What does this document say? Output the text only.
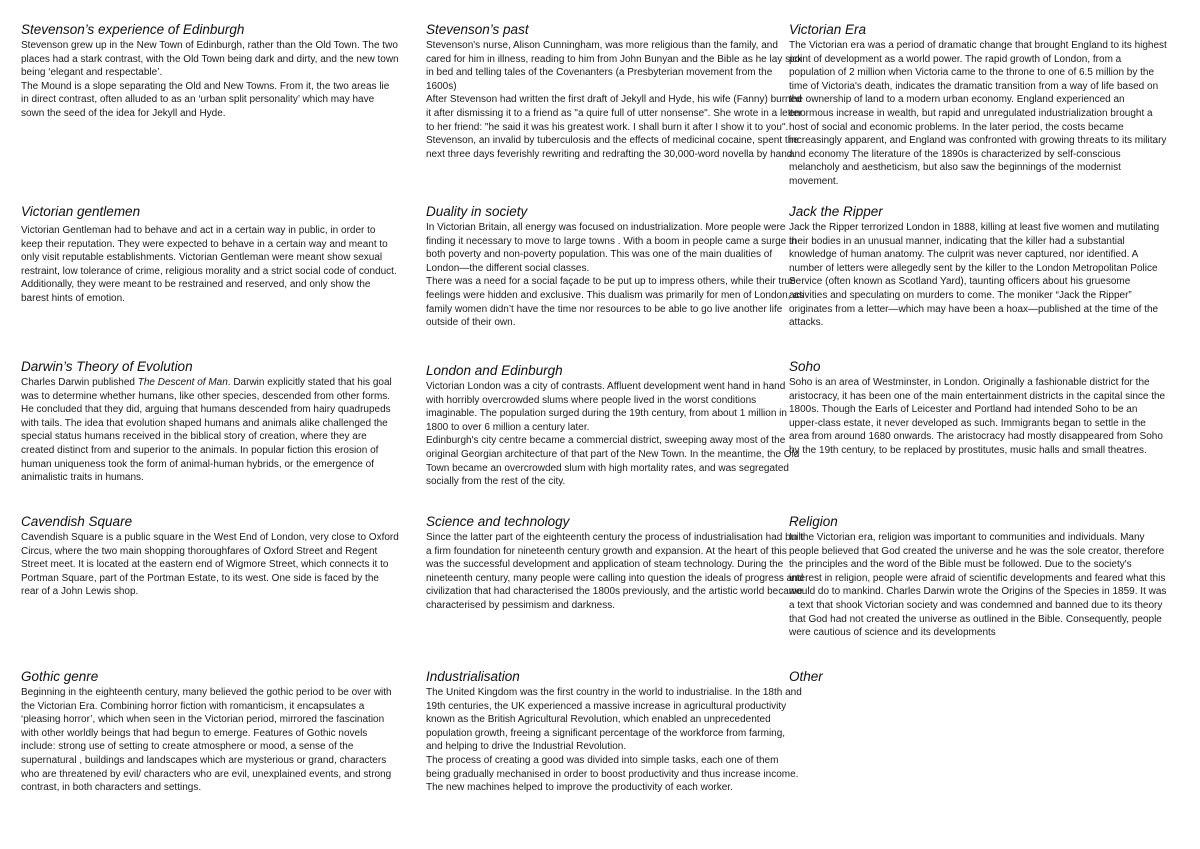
Stevenson’s experience of Edinburgh

Stevenson grew up in the New Town of Edinburgh, rather than the Old Town. The two places had a stark contrast, with the Old Town being dark and dirty, and the new town being ‘elegant and respectable’.

The Mound is a slope separating the Old and New Towns. From it, the two areas lie in direct contrast, often alluded to as an ‘urban split personality’ which may have sown the seed of the idea for Jekyll and Hyde.

Stevenson’s past

Stevenson's nurse, Alison Cunningham, was more religious than the family, and cared for him in illness, reading to him from John Bunyan and the Bible as he lay sick in bed and telling tales of the Covenanters (a Presbyterian movement from the 1600s)

After Stevenson had written the first draft of Jekyll and Hyde, his wife (Fanny) burned it after dismissing it to a friend as "a quire full of utter nonsense". She wrote in a letter to her friend: "he said it was his greatest work. I shall burn it after I show it to you". Stevenson, an invalid by tuberculosis and the effects of medicinal cocaine, spent the next three days feverishly rewriting and redrafting the 30,000-word novella by hand.

Victorian Era

The Victorian era was a period of dramatic change that brought England to its highest point of development as a world power. The rapid growth of London, from a population of 2 million when Victoria came to the throne to one of 6.5 million by the time of Victoria's death, indicates the dramatic transition from a way of life based on the ownership of land to a modern urban economy. England experienced an enormous increase in wealth, but rapid and unregulated industrialization brought a host of social and economic problems. In the later period, the costs became increasingly apparent, and England was confronted with growing threats to its military and economy The literature of the 1890s is characterized by self-conscious melancholy and aestheticism, but also saw the beginnings of the modernist movement.

Victorian gentlemen

Victorian Gentleman had to behave and act in a certain way in public, in order to keep their reputation. They were expected to behave in a certain way and meant to only visit reputable establishments. Victorian Gentleman were meant show sexual restraint, low tolerance of crime, religious morality and a strict social code of conduct. Additionally, they were meant to be restrained and reserved, and only show the barest hints of emotion.

Duality in society

In Victorian Britain, all energy was focused on industrialization. More people were finding it necessary to move to large towns . With a boom in people came a surge in both poverty and non-poverty population. This was one of the main dualities of London—the different social classes.

There was a need for a social façade to be put up to impress others, while their true feelings were hidden and exclusive. This dualism was primarily for men of London, as family women didn’t have the time nor resources to be able to go live another life outside of their own.

Jack the Ripper

Jack the Ripper terrorized London in 1888, killing at least five women and mutilating their bodies in an unusual manner, indicating that the killer had a substantial knowledge of human anatomy. The culprit was never captured, nor identified. A number of letters were allegedly sent by the killer to the London Metropolitan Police Service (often known as Scotland Yard), taunting officers about his gruesome activities and speculating on murders to come. The moniker “Jack the Ripper” originates from a letter—which may have been a hoax—published at the time of the attacks.

Darwin’s Theory of Evolution

Charles Darwin published The Descent of Man. Darwin explicitly stated that his goal was to determine whether humans, like other species, descended from other forms. He concluded that they did, arguing that humans descended from hairy quadrupeds with tails. The idea that evolution shaped humans and animals alike challenged the special status humans received in the biblical story of creation, where they are created distinct from and superior to the animals. In popular fiction this erosion of human uniqueness took the form of animal-human hybrids, or the emergence of animalistic traits in humans.

London and Edinburgh

Victorian London was a city of contrasts. Affluent development went hand in hand with horribly overcrowded slums where people lived in the worst conditions imaginable. The population surged during the 19th century, from about 1 million in 1800 to over 6 million a century later.

Edinburgh's city centre became a commercial district, sweeping away most of the original Georgian architecture of that part of the New Town. In the meantime, the Old Town became an overcrowded slum with high mortality rates, and was segregated socially from the rest of the city.

Soho

Soho is an area of Westminster, in London. Originally a fashionable district for the aristocracy, it has been one of the main entertainment districts in the capital since the 1800s. Though the Earls of Leicester and Portland had intended Soho to be an upper-class estate, it never developed as such. Immigrants began to settle in the area from around 1680 onwards. The aristocracy had mostly disappeared from Soho by the 19th century, to be replaced by prostitutes, music halls and small theatres.

Cavendish Square

Cavendish Square is a public square in the West End of London, very close to Oxford Circus, where the two main shopping thoroughfares of Oxford Street and Regent Street meet. It is located at the eastern end of Wigmore Street, which connects it to Portman Square, part of the Portman Estate, to its west. One side is faced by the rear of a John Lewis shop.

Science and technology

Since the latter part of the eighteenth century the process of industrialisation had built a firm foundation for nineteenth century growth and expansion. At the heart of this was the successful development and application of steam technology. During the nineteenth century, many people were calling into question the ideals of progress and civilization that had characterised the 1800s previously, and the artistic world became characterised by pessimism and darkness.

Religion

In the Victorian era, religion was important to communities and individuals. Many people believed that God created the universe and he was the sole creator, therefore the principles and the word of the Bible must be followed. Due to the society's interest in religion, people were afraid of scientific developments and feared what this would do to mankind. Charles Darwin wrote the Origins of the Species in 1859. It was a text that shook Victorian society and was condemned and banned due to its theory that God had not created the universe as outlined in the Bible. Consequently, people were cautious of science and its developments

Gothic genre

Beginning in the eighteenth century, many believed the gothic period to be over with the Victorian Era. Combining horror fiction with romanticism, it encapsulates a ‘pleasing horror’, which when seen in the Victorian period, mirrored the fascination with other worldly beings that had begun to emerge. Features of Gothic novels include: strong use of setting to create atmosphere or mood, a sense of the supernatural , buildings and landscapes which are mysterious or grand, characters who are threatened by evil/ characters who are evil, unexplained events, and strong contrast, in both characters and settings.

Industrialisation

The United Kingdom was the first country in the world to industrialise. In the 18th and 19th centuries, the UK experienced a massive increase in agricultural productivity known as the British Agricultural Revolution, which enabled an unprecedented population growth, freeing a significant percentage of the workforce from farming, and helping to drive the Industrial Revolution.

The process of creating a good was divided into simple tasks, each one of them being gradually mechanised in order to boost productivity and thus increase income. The new machines helped to improve the productivity of each worker.

Other
